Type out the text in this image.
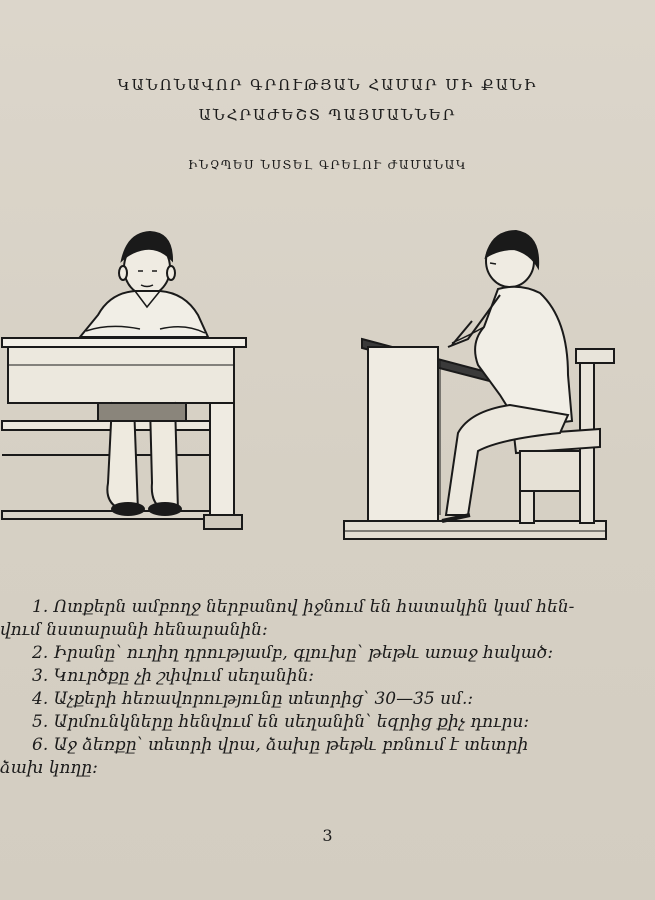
ԿԱՆՈՆԱՎՈՐ ԳՐՈՒԹՅԱՆ ՀԱՄԱՐ ՄԻ ՔԱՆԻ
ԱՆՀՐԱԺԵՇՏ ՊԱՅՄԱՆՆԵՐ
ԻՆՉՊԵՍ ՆՍՏԵԼ ԳՐԵԼՈՒ ԺԱՄԱՆԱԿ
1. Ոտքերն ամբողջ ներբանով իջնում են հատակին կամ հեն-
վում նստարանի հենարանին։
2. Իրանը՝ ուղիղ դրությամբ, գլուխը՝ թեթև առաջ հակած։
3. Կուրծքը չի շփվում սեղանին։
4. Աչքերի հեռավորությունը տետրից՝ 30—35 սմ.։
5. Արմունկները հենվում են սեղանին՝ եզրից քիչ դուրս։
6. Աջ ձեռքը՝ տետրի վրա, ձախը թեթև բռնում է տետրի
ձախ կողը։
3
